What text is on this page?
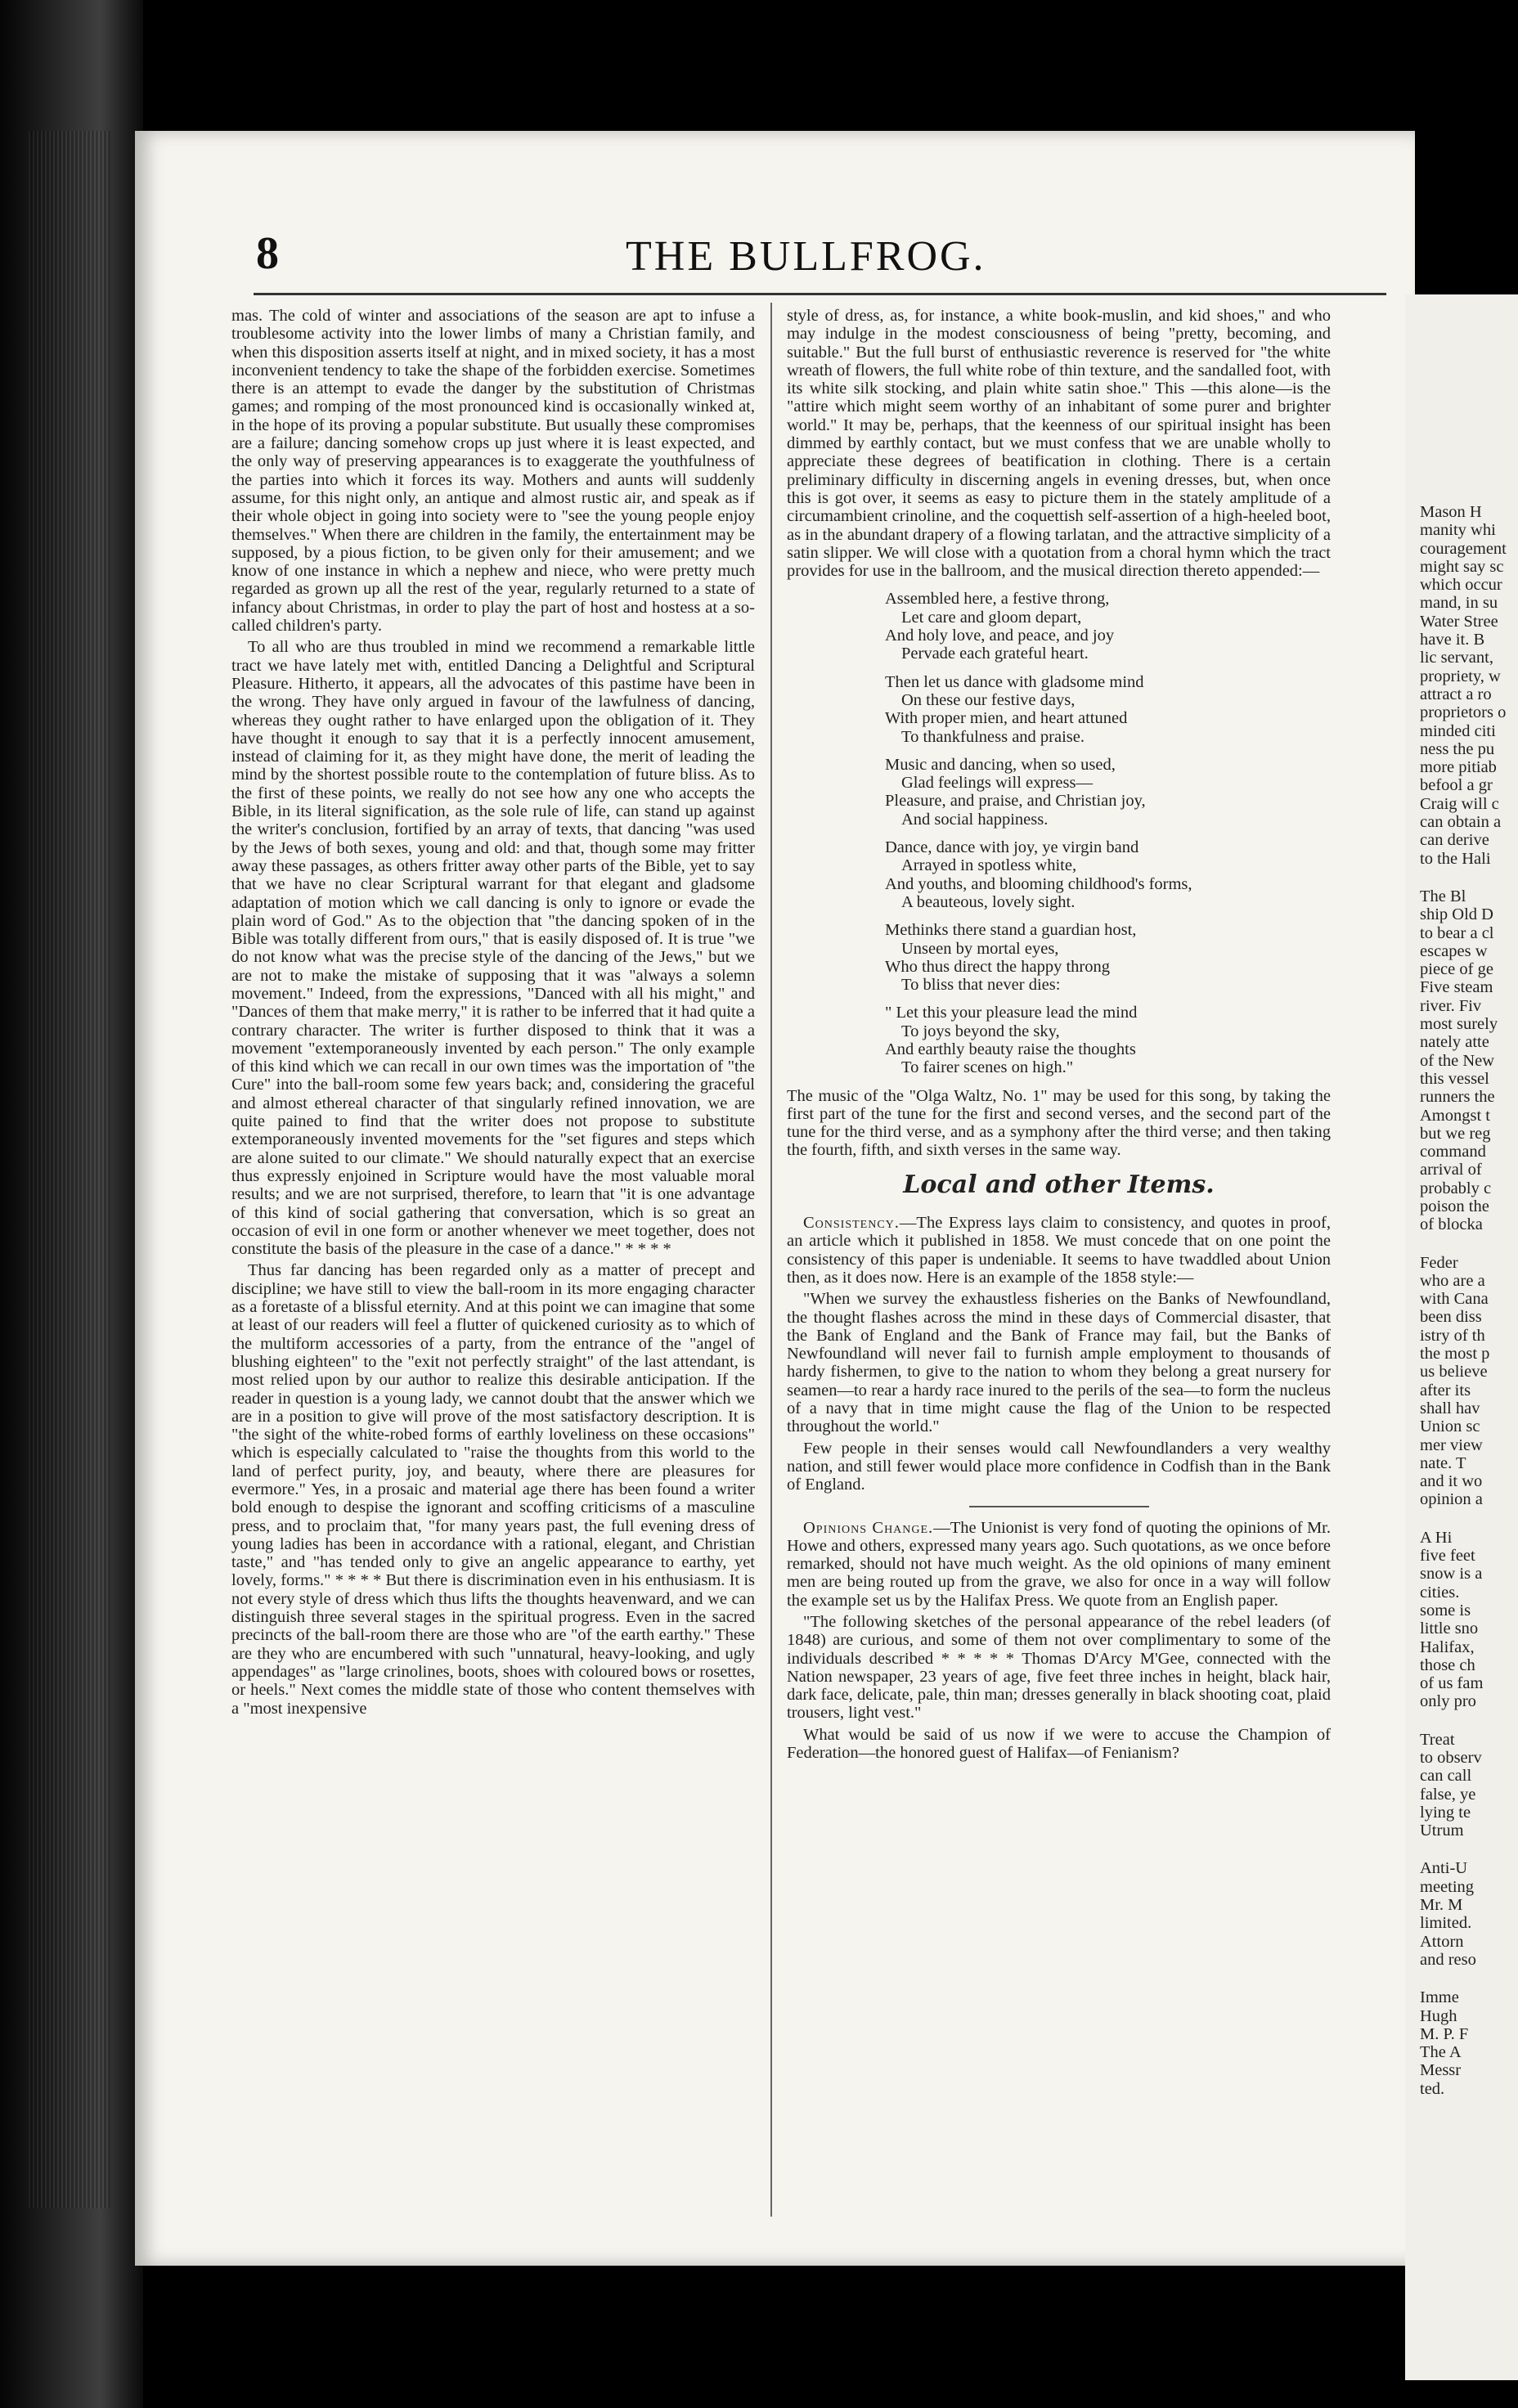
8	THE BULLFROG.

mas. The cold of winter and associations of the season are apt to infuse a troublesome activity into the lower limbs of many a Christian family, and when this disposition asserts itself at night, and in mixed society, it has a most inconvenient tendency to take the shape of the forbidden exercise. Sometimes there is an attempt to evade the danger by the substitution of Christmas games; and romping of the most pronounced kind is occasionally winked at, in the hope of its proving a popular substitute. But usually these compromises are a failure; dancing somehow crops up just where it is least expected, and the only way of preserving appearances is to exaggerate the youthfulness of the parties into which it forces its way. Mothers and aunts will suddenly assume, for this night only, an antique and almost rustic air, and speak as if their whole object in going into society were to "see the young people enjoy themselves." When there are children in the family, the entertainment may be supposed, by a pious fiction, to be given only for their amusement; and we know of one instance in which a nephew and niece, who were pretty much regarded as grown up all the rest of the year, regularly returned to a state of infancy about Christmas, in order to play the part of host and hostess at a so-called children's party.

To all who are thus troubled in mind we recommend a remarkable little tract we have lately met with, entitled Dancing a Delightful and Scriptural Pleasure. Hitherto, it appears, all the advocates of this pastime have been in the wrong. They have only argued in favour of the lawfulness of dancing, whereas they ought rather to have enlarged upon the obligation of it. They have thought it enough to say that it is a perfectly innocent amusement, instead of claiming for it, as they might have done, the merit of leading the mind by the shortest possible route to the contemplation of future bliss. As to the first of these points, we really do not see how any one who accepts the Bible, in its literal signification, as the sole rule of life, can stand up against the writer's conclusion, fortified by an array of texts, that dancing "was used by the Jews of both sexes, young and old: and that, though some may fritter away these passages, as others fritter away other parts of the Bible, yet to say that we have no clear Scriptural warrant for that elegant and gladsome adaptation of motion which we call dancing is only to ignore or evade the plain word of God." As to the objection that "the dancing spoken of in the Bible was totally different from ours," that is easily disposed of. It is true "we do not know what was the precise style of the dancing of the Jews," but we are not to make the mistake of supposing that it was "always a solemn movement." Indeed, from the expressions, "Danced with all his might," and "Dances of them that make merry," it is rather to be inferred that it had quite a contrary character. The writer is further disposed to think that it was a movement "extemporaneously invented by each person." The only example of this kind which we can recall in our own times was the importation of "the Cure" into the ball-room some few years back; and, considering the graceful and almost ethereal character of that singularly refined innovation, we are quite pained to find that the writer does not propose to substitute extemporaneously invented movements for the "set figures and steps which are alone suited to our climate." We should naturally expect that an exercise thus expressly enjoined in Scripture would have the most valuable moral results; and we are not surprised, therefore, to learn that "it is one advantage of this kind of social gathering that conversation, which is so great an occasion of evil in one form or another whenever we meet together, does not constitute the basis of the pleasure in the case of a dance." * * * *

Thus far dancing has been regarded only as a matter of precept and discipline; we have still to view the ball-room in its more engaging character as a foretaste of a blissful eternity. And at this point we can imagine that some at least of our readers will feel a flutter of quickened curiosity as to which of the multiform accessories of a party, from the entrance of the "angel of blushing eighteen" to the "exit not perfectly straight" of the last attendant, is most relied upon by our author to realize this desirable anticipation. If the reader in question is a young lady, we cannot doubt that the answer which we are in a position to give will prove of the most satisfactory description. It is "the sight of the white-robed forms of earthly loveliness on these occasions" which is especially calculated to "raise the thoughts from this world to the land of perfect purity, joy, and beauty, where there are pleasures for evermore." Yes, in a prosaic and material age there has been found a writer bold enough to despise the ignorant and scoffing criticisms of a masculine press, and to proclaim that, "for many years past, the full evening dress of young ladies has been in accordance with a rational, elegant, and Christian taste," and "has tended only to give an angelic appearance to earthy, yet lovely, forms." * * * * But there is discrimination even in his enthusiasm. It is not every style of dress which thus lifts the thoughts heavenward, and we can distinguish three several stages in the spiritual progress. Even in the sacred precincts of the ball-room there are those who are "of the earth earthy." These are they who are encumbered with such "unnatural, heavy-looking, and ugly appendages" as "large crinolines, boots, shoes with coloured bows or rosettes, or heels." Next comes the middle state of those who content themselves with a "most inexpensive

style of dress, as, for instance, a white book-muslin, and kid shoes," and who may indulge in the modest consciousness of being "pretty, becoming, and suitable." But the full burst of enthusiastic reverence is reserved for "the white wreath of flowers, the full white robe of thin texture, and the sandalled foot, with its white silk stocking, and plain white satin shoe." This —this alone—is the "attire which might seem worthy of an inhabitant of some purer and brighter world." It may be, perhaps, that the keenness of our spiritual insight has been dimmed by earthly contact, but we must confess that we are unable wholly to appreciate these degrees of beatification in clothing. There is a certain preliminary difficulty in discerning angels in evening dresses, but, when once this is got over, it seems as easy to picture them in the stately amplitude of a circumambient crinoline, and the coquettish self-assertion of a high-heeled boot, as in the abundant drapery of a flowing tarlatan, and the attractive simplicity of a satin slipper. We will close with a quotation from a choral hymn which the tract provides for use in the ballroom, and the musical direction thereto appended:—

Assembled here, a festive throng,
Let care and gloom depart,
And holy love, and peace, and joy
Pervade each grateful heart.
Then let us dance with gladsome mind
On these our festive days,
With proper mien, and heart attuned
To thankfulness and praise.
Music and dancing, when so used,
Glad feelings will express—
Pleasure, and praise, and Christian joy,
And social happiness.
Dance, dance with joy, ye virgin band
Arrayed in spotless white,
And youths, and blooming childhood's forms,
A beauteous, lovely sight.
Methinks there stand a guardian host,
Unseen by mortal eyes,
Who thus direct the happy throng
To bliss that never dies:
" Let this your pleasure lead the mind
To joys beyond the sky,
And earthly beauty raise the thoughts
To fairer scenes on high."

The music of the "Olga Waltz, No. 1" may be used for this song, by taking the first part of the tune for the first and second verses, and the second part of the tune for the third verse, and as a symphony after the third verse; and then taking the fourth, fifth, and sixth verses in the same way.

Local and other Items.

Consistency.—The Express lays claim to consistency, and quotes in proof, an article which it published in 1858. We must concede that on one point the consistency of this paper is undeniable. It seems to have twaddled about Union then, as it does now. Here is an example of the 1858 style:—

"When we survey the exhaustless fisheries on the Banks of Newfoundland, the thought flashes across the mind in these days of Commercial disaster, that the Bank of England and the Bank of France may fail, but the Banks of Newfoundland will never fail to furnish ample employment to thousands of hardy fishermen, to give to the nation to whom they belong a great nursery for seamen—to rear a hardy race inured to the perils of the sea—to form the nucleus of a navy that in time might cause the flag of the Union to be respected throughout the world."

Few people in their senses would call Newfoundlanders a very wealthy nation, and still fewer would place more confidence in Codfish than in the Bank of England.

Opinions Change.—The Unionist is very fond of quoting the opinions of Mr. Howe and others, expressed many years ago. Such quotations, as we once before remarked, should not have much weight. As the old opinions of many eminent men are being routed up from the grave, we also for once in a way will follow the example set us by the Halifax Press. We quote from an English paper.

"The following sketches of the personal appearance of the rebel leaders (of 1848) are curious, and some of them not over complimentary to some of the individuals described * * * * * Thomas D'Arcy M'Gee, connected with the Nation newspaper, 23 years of age, five feet three inches in height, black hair, dark face, delicate, pale, thin man; dresses generally in black shooting coat, plaid trousers, light vest."

What would be said of us now if we were to accuse the Champion of Federation—the honored guest of Halifax—of Fenianism?

Mason H
manity whi
couragement
might say sc
which occur
mand, in su
Water Stree
have it. B
lic servant,
propriety, w
attract a ro
proprietors o
minded citi
ness the pu
more pitiab
befool a gr
Craig will c
can obtain a
can derive
to the Hali
The Bl
ship Old D
to bear a cl
escapes w
piece of ge
Five steam
river. Fiv
most surely
nately atte
of the New
this vessel
runners the
Amongst t
but we reg
command
arrival of
probably c
poison the
of blocka
Feder
who are a
with Cana
been diss
istry of th
the most p
us believe
after its
shall hav
Union sc
mer view
nate. T
and it wo
opinion a
A Hi
five feet
snow is a
cities.
some is
little sno
Halifax,
those ch
of us fam
only pro
Treat
to observ
can call
false, ye
lying te
Utrum
Anti-U
meeting
Mr. M
limited.
Attorn
and reso
Imme
Hugh
M. P. F
The A
Messr
ted.
